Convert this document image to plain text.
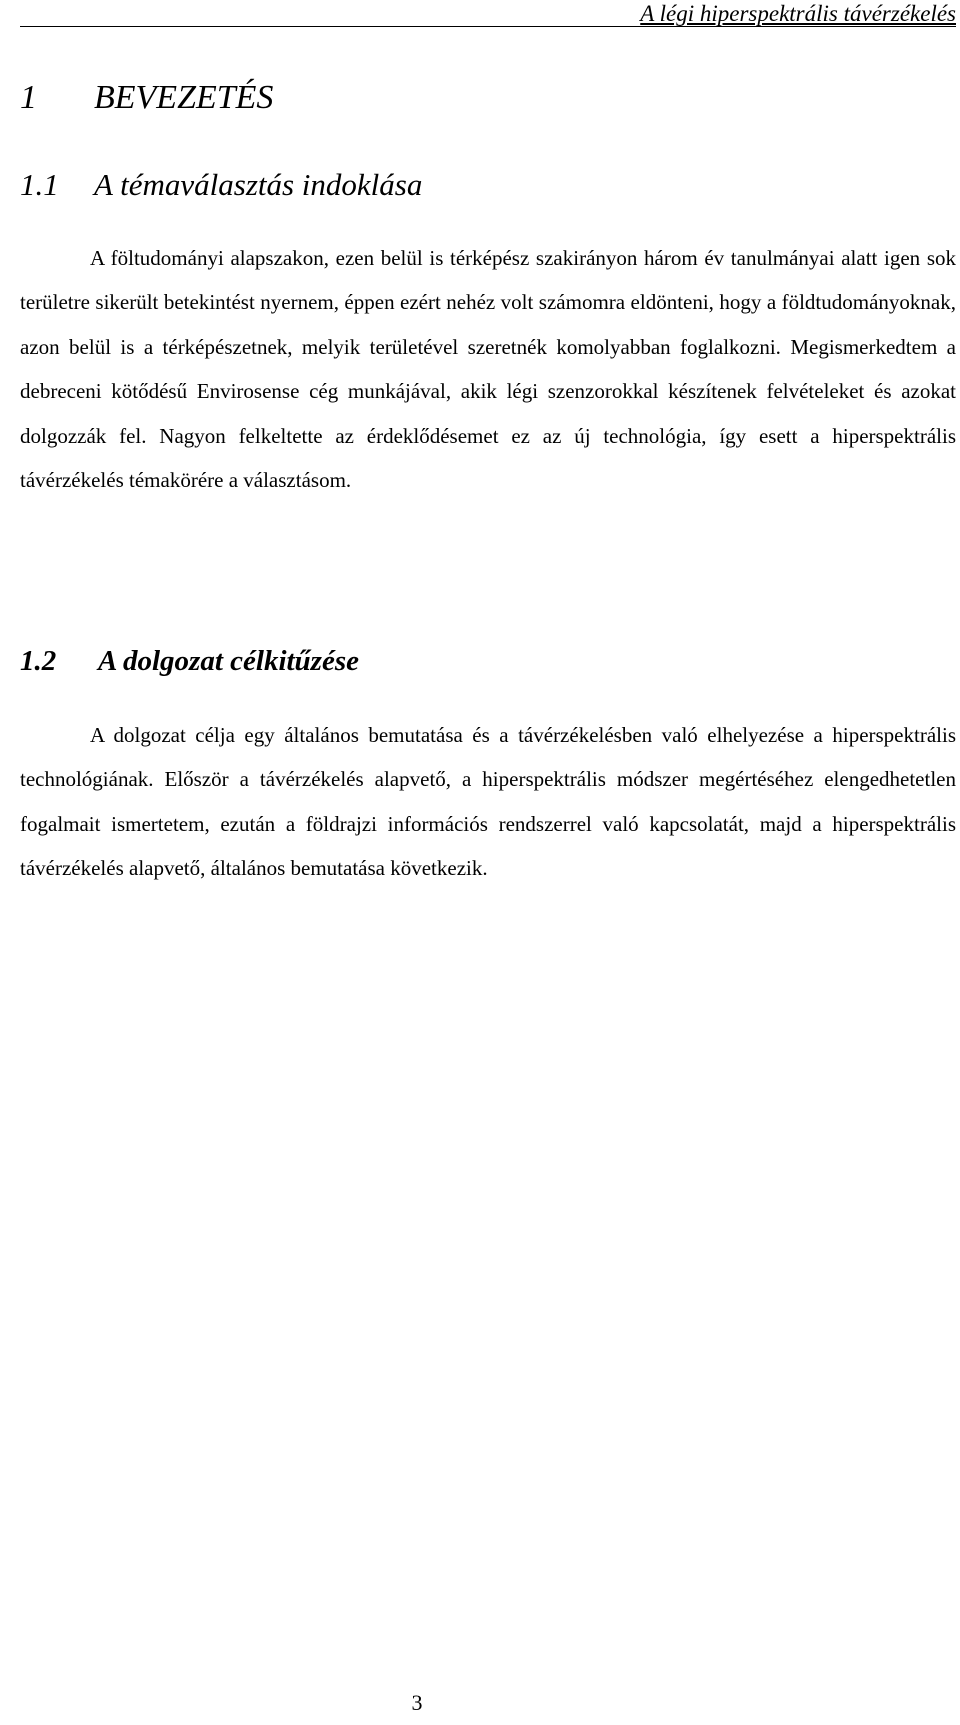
A légi hiperspektrális távérzékelés
1 BEVEZETÉS
1.1 A témaválasztás indoklása

A föltudományi alapszakon, ezen belül is térképész szakirányon három év tanulmányai alatt igen sok területre sikerült betekintést nyernem, éppen ezért nehéz volt számomra eldönteni, hogy a földtudományoknak, azon belül is a térképészetnek, melyik területével szeretnék komolyabban foglalkozni. Megismerkedtem a debreceni kötődésű Envirosense cég munkájával, akik légi szenzorokkal készítenek felvételeket és azokat dolgozzák fel. Nagyon felkeltette az érdeklődésemet ez az új technológia, így esett a hiperspektrális távérzékelés témakörére a választásom.

1.2 A dolgozat célkitűzése

A dolgozat célja egy általános bemutatása és a távérzékelésben való elhelyezése a hiperspektrális technológiának. Először a távérzékelés alapvető, a hiperspektrális módszer megértéséhez elengedhetetlen fogalmait ismertetem, ezután a földrajzi információs rendszerrel való kapcsolatát, majd a hiperspektrális távérzékelés alapvető, általános bemutatása következik.

3
